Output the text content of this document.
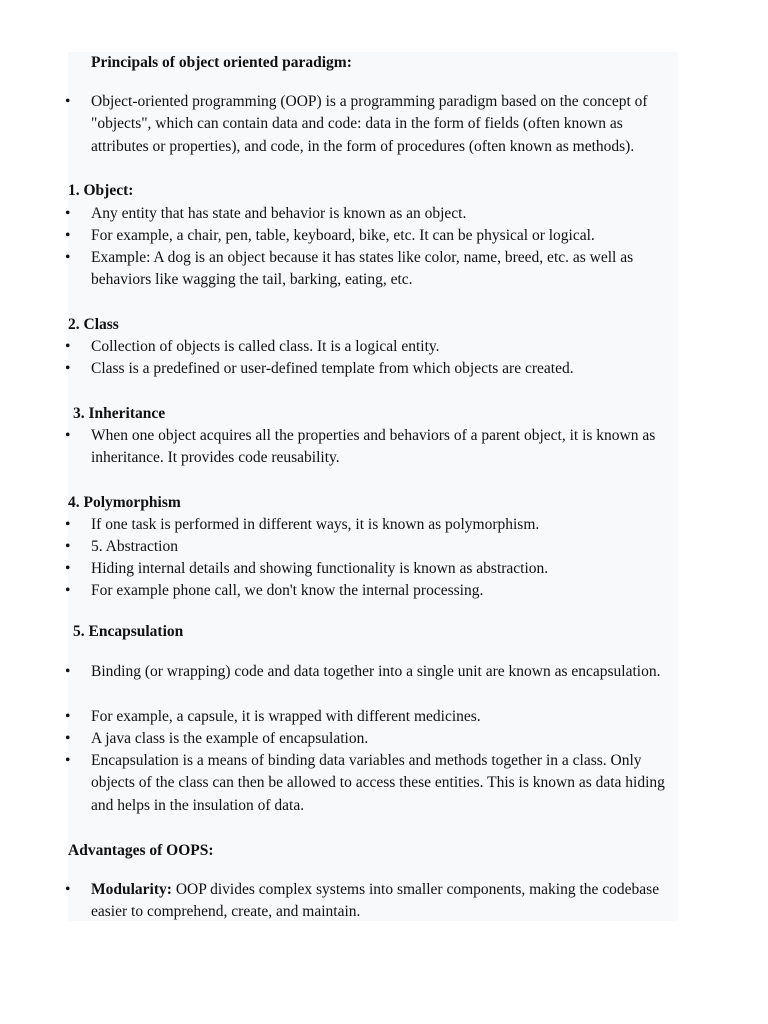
Principals of object oriented paradigm:
• Object-oriented programming (OOP) is a programming paradigm based on the concept of "objects", which can contain data and code: data in the form of fields (often known as attributes or properties), and code, in the form of procedures (often known as methods).
1. Object:
• Any entity that has state and behavior is known as an object.
• For example, a chair, pen, table, keyboard, bike, etc. It can be physical or logical.
• Example: A dog is an object because it has states like color, name, breed, etc. as well as behaviors like wagging the tail, barking, eating, etc.
2. Class
• Collection of objects is called class. It is a logical entity.
• Class is a predefined or user-defined template from which objects are created.
3. Inheritance
• When one object acquires all the properties and behaviors of a parent object, it is known as inheritance. It provides code reusability.
4. Polymorphism
• If one task is performed in different ways, it is known as polymorphism.
• 5. Abstraction
• Hiding internal details and showing functionality is known as abstraction.
• For example phone call, we don't know the internal processing.
5. Encapsulation
• Binding (or wrapping) code and data together into a single unit are known as encapsulation.
• For example, a capsule, it is wrapped with different medicines.
• A java class is the example of encapsulation.
• Encapsulation is a means of binding data variables and methods together in a class. Only objects of the class can then be allowed to access these entities. This is known as data hiding and helps in the insulation of data.
Advantages of OOPS:
• Modularity: OOP divides complex systems into smaller components, making the codebase easier to comprehend, create, and maintain.
